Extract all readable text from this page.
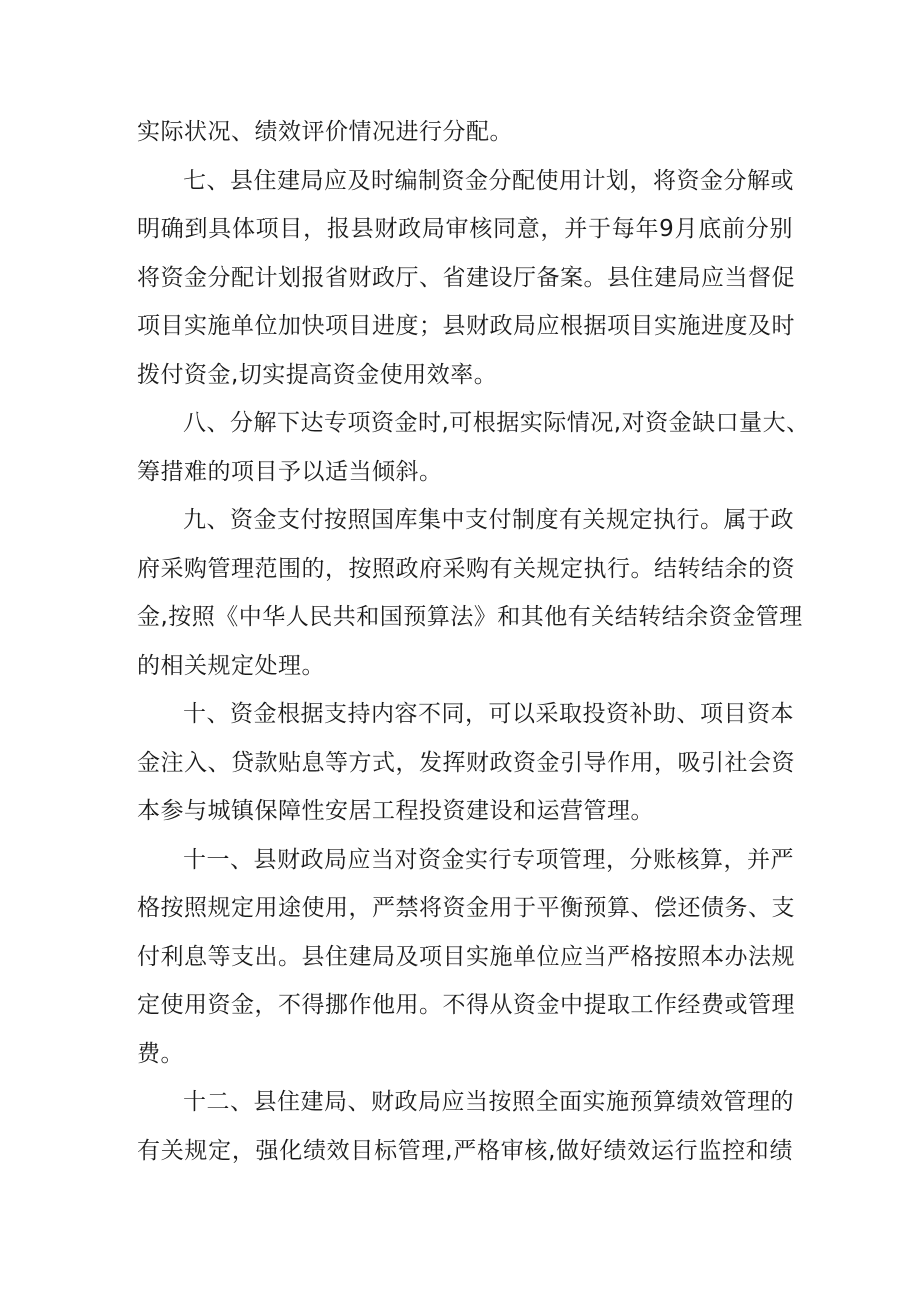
实际状况、绩效评价情况进行分配。
七、县住建局应及时编制资金分配使用计划，将资金分解或
明确到具体项目，报县财政局审核同意，并于每年9月底前分别
将资金分配计划报省财政厅、省建设厅备案。县住建局应当督促
项目实施单位加快项目进度；县财政局应根据项目实施进度及时
拨付资金,切实提高资金使用效率。
八、分解下达专项资金时,可根据实际情况,对资金缺口量大、
筹措难的项目予以适当倾斜。
九、资金支付按照国库集中支付制度有关规定执行。属于政
府采购管理范围的，按照政府采购有关规定执行。结转结余的资
金,按照《中华人民共和国预算法》和其他有关结转结余资金管理
的相关规定处理。
十、资金根据支持内容不同，可以采取投资补助、项目资本
金注入、贷款贴息等方式，发挥财政资金引导作用，吸引社会资
本参与城镇保障性安居工程投资建设和运营管理。
十一、县财政局应当对资金实行专项管理，分账核算，并严
格按照规定用途使用，严禁将资金用于平衡预算、偿还债务、支
付利息等支出。县住建局及项目实施单位应当严格按照本办法规
定使用资金，不得挪作他用。不得从资金中提取工作经费或管理
费。
十二、县住建局、财政局应当按照全面实施预算绩效管理的
有关规定，强化绩效目标管理,严格审核,做好绩效运行监控和绩
